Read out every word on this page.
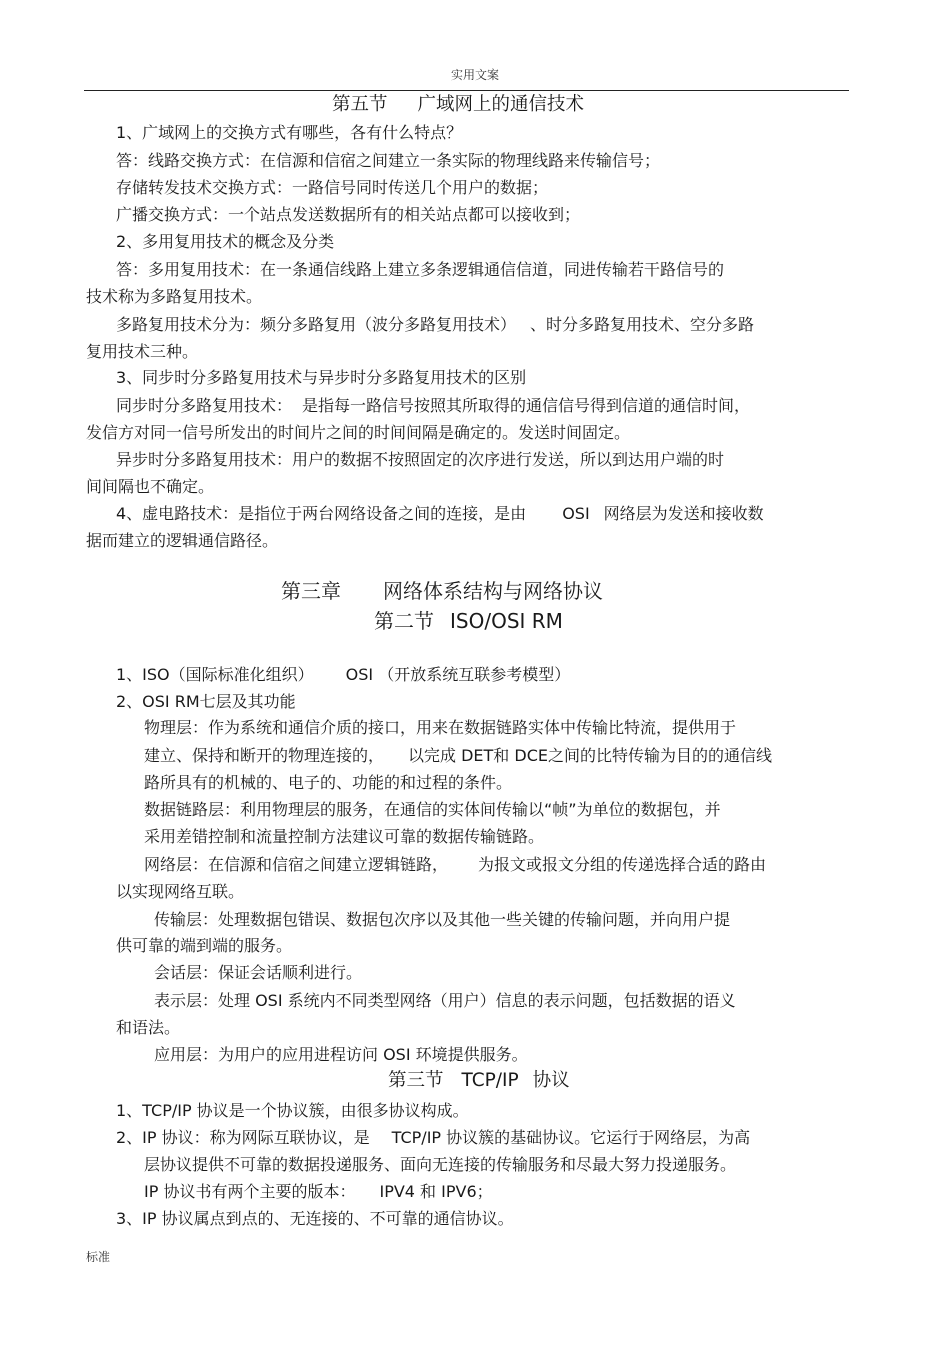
实用文案
第五节 广域网上的通信技术
1、广域网上的交换方式有哪些，各有什么特点？
答：线路交换方式：在信源和信宿之间建立一条实际的物理线路来传输信号；
存储转发技术交换方式：一路信号同时传送几个用户的数据；
广播交换方式：一个站点发送数据所有的相关站点都可以接收到；
2、多用复用技术的概念及分类
答：多用复用技术：在一条通信线路上建立多条逻辑通信信道，同进传输若干路信号的
技术称为多路复用技术。
多路复用技术分为：频分多路复用（波分多路复用技术） 、时分多路复用技术、空分多路
复用技术三种。
3、同步时分多路复用技术与异步时分多路复用技术的区别
同步时分多路复用技术： 是指每一路信号按照其所取得的通信信号得到信道的通信时间，
发信方对同一信号所发出的时间片之间的时间间隔是确定的。发送时间固定。
异步时分多路复用技术：用户的数据不按照固定的次序进行发送，所以到达用户端的时
间间隔也不确定。
4、虚电路技术：是指位于两台网络设备之间的连接，是由 OSI 网络层为发送和接收数
据而建立的逻辑通信路径。
第三章 网络体系结构与网络协议
第二节 ISO/OSI RM
1、ISO（国际标准化组织） OSI （开放系统互联参考模型）
2、OSI RM七层及其功能
物理层：作为系统和通信介质的接口，用来在数据链路实体中传输比特流，提供用于
建立、保持和断开的物理连接的， 以完成 DET和 DCE之间的比特传输为目的的通信线
路所具有的机械的、电子的、功能的和过程的条件。
数据链路层：利用物理层的服务，在通信的实体间传输以“帧”为单位的数据包，并
采用差错控制和流量控制方法建议可靠的数据传输链路。
网络层：在信源和信宿之间建立逻辑链路， 为报文或报文分组的传递选择合适的路由
以实现网络互联。
传输层：处理数据包错误、数据包次序以及其他一些关键的传输问题，并向用户提
供可靠的端到端的服务。
会话层：保证会话顺利进行。
表示层：处理 OSI 系统内不同类型网络（用户）信息的表示问题，包括数据的语义
和语法。
应用层：为用户的应用进程访问 OSI 环境提供服务。
第三节 TCP/IP 协议
1、TCP/IP 协议是一个协议簇，由很多协议构成。
2、IP 协议：称为网际互联协议，是 TCP/IP 协议簇的基础协议。它运行于网络层，为高
层协议提供不可靠的数据投递服务、面向无连接的传输服务和尽最大努力投递服务。
IP 协议书有两个主要的版本： IPV4 和 IPV6；
3、IP 协议属点到点的、无连接的、不可靠的通信协议。
标准
